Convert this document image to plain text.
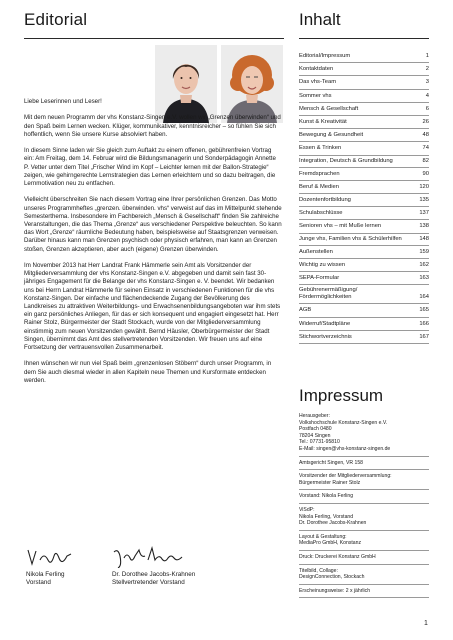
Editorial

Liebe Leserinnen und Leser!

Mit dem neuen Programm der vhs Konstanz-Singen e.V. wollen wir „Grenzen überwinden“ und den Spaß beim Lernen wecken. Klüger, kommunikativer, kenntnisreicher – so fühlen Sie sich hoffentlich, wenn Sie unsere Kurse absolviert haben.

In diesem Sinne laden wir Sie gleich zum Auftakt zu einem offenen, gebührenfreien Vortrag ein: Am Freitag, dem 14. Februar wird die Bildungsmanagerin und Sonderpädagogin Annette P. Vetter unter dem Titel „Frischer Wind im Kopf – Leichter lernen mit der Ballon-Strategie“ zeigen, wie gehirngerechte Lernstrategien das Lernen erleichtern und so dazu beitragen, die Lernmotivation neu zu entfachen.

Vielleicht überschreiten Sie nach diesem Vortrag eine Ihrer persönlichen Grenzen. Das Motto unseres Programmheftes „grenzen. überwinden. vhs“ verweist auf das im Mittelpunkt stehende Semesterthema. Insbesondere im Fachbereich „Mensch & Gesellschaft“ finden Sie zahlreiche Veranstaltungen, die das Thema „Grenze“ aus verschiedener Perspektive beleuchten. So kann das Wort „Grenze“ räumliche Bedeutung haben, beispielsweise auf Staatsgrenzen verweisen. Darüber hinaus kann man Grenzen psychisch oder physisch erfahren, man kann an Grenzen stoßen, Grenzen akzeptieren, aber auch (eigene) Grenzen überwinden.

Im November 2013 hat Herr Landrat Frank Hämmerle sein Amt als Vorsitzender der Mitgliederversammlung der vhs Konstanz-Singen e.V. abgegeben und damit sein fast 30-jähriges Engagement für die Belange der vhs Konstanz-Singen e. V. beendet. Wir bedanken uns bei Herrn Landrat Hämmerle für seinen Einsatz in verschiedenen Funktionen für die vhs Konstanz-Singen. Der einfache und flächendeckende Zugang der Bevölkerung des Landkreises zu attraktiven Weiterbildungs- und Erwachsenenbildungsangeboten war ihm stets ein ganz persönliches Anliegen, für das er sich konsequent und engagiert eingesetzt hat. Herr Rainer Stolz, Bürgermeister der Stadt Stockach, wurde von der Mitgliederversammlung einstimmig zum neuen Vorsitzenden gewählt. Bernd Häusler, Oberbürgermeister der Stadt Singen, übernimmt das Amt des stellvertretenden Vorsitzenden. Wir freuen uns auf eine Fortsetzung der vertrauensvollen Zusammenarbeit.

Ihnen wünschen wir nun viel Spaß beim „grenzenlosen Stöbern“ durch unser Programm, in dem Sie auch diesmal wieder in allen Kapiteln neue Themen und Kursformate entdecken werden.

Nikola Ferling
Vorstand
Dr. Dorothee Jacobs-Krahnen
Stellvertretender Vorstand
Inhalt
Editorial/Impressum	1
Kontaktdaten	2
Das vhs-Team	3
Sommer vhs	4
Mensch & Gesellschaft	6
Kunst & Kreativität	26
Bewegung & Gesundheit	48
Essen & Trinken	74
Integration, Deutsch & Grundbildung	82
Fremdsprachen	90
Beruf & Medien	120
Dozentenfortbildung	135
Schulabschlüsse	137
Senioren vhs – mit Muße lernen	138
Junge vhs, Familien vhs & Schülerhilfen	148
Außenstellen	159
Wichtig zu wissen	162
SEPA-Formular	163
Gebührenermäßigung/ Fördermöglichkeiten	164
AGB	165
Widerruf/Stadtpläne	166
Stichwortverzeichnis	167
Impressum
Herausgeber:
Volkshochschule Konstanz-Singen e.V.
Postfach 0480
78204 Singen
Tel.: 07731-95810
E-Mail: singen@vhs-konstanz-singen.de
Amtsgericht Singen, VR 158
Vorsitzender der Mitgliederversammlung:
Bürgermeister Rainer Stolz
Vorstand: Nikola Ferling
ViSdP:
Nikola Ferling, Vorstand
Dr. Dorothee Jacobs-Krahnen
Layout & Gestaltung:
MediaPro GmbH, Konstanz
Druck: Druckerei Konstanz GmbH
Titelbild, Collage:
DesignConnection, Stockach
Erscheinungsweise: 2 x jährlich
1
